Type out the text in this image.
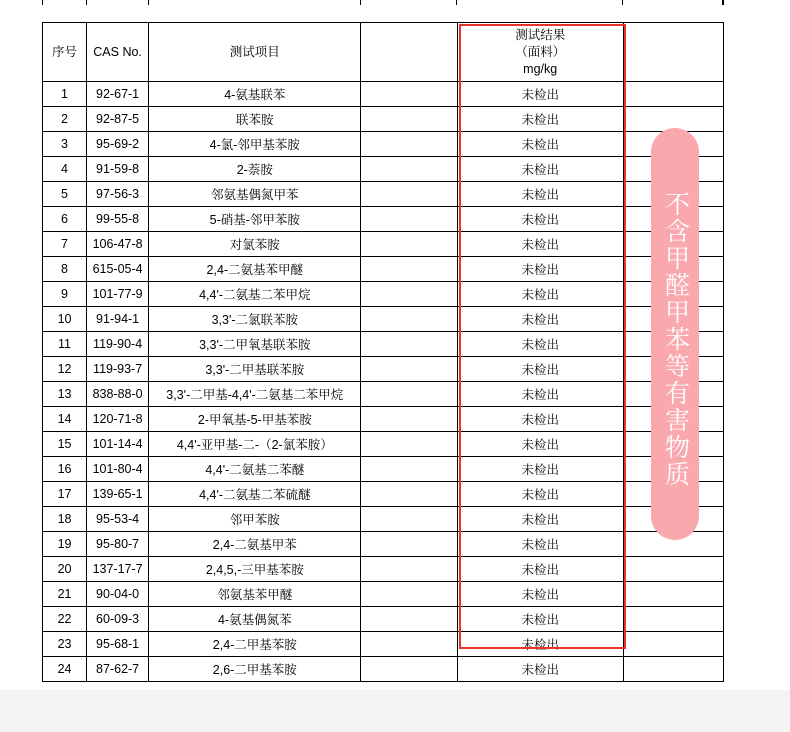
序号	CAS No.	测试项目		测试结果
（面料）
mg/kg	

1	92-67-1	4-氨基联苯		未检出	
2	92-87-5	联苯胺		未检出	
3	95-69-2	4-氯-邻甲基苯胺		未检出	
4	91-59-8	2-萘胺		未检出	
5	97-56-3	邻氨基偶氮甲苯		未检出	
6	99-55-8	5-硝基-邻甲苯胺		未检出	
7	106-47-8	对氯苯胺		未检出	
8	615-05-4	2,4-二氨基苯甲醚		未检出	
9	101-77-9	4,4'-二氨基二苯甲烷		未检出	
10	91-94-1	3,3'-二氯联苯胺		未检出	
11	119-90-4	3,3'-二甲氧基联苯胺		未检出	
12	119-93-7	3,3'-二甲基联苯胺		未检出	
13	838-88-0	3,3'-二甲基-4,4'-二氨基二苯甲烷		未检出	
14	120-71-8	2-甲氧基-5-甲基苯胺		未检出	
15	101-14-4	4,4'-亚甲基-二-（2-氯苯胺）		未检出	
16	101-80-4	4,4'-二氨基二苯醚		未检出	
17	139-65-1	4,4'-二氨基二苯硫醚		未检出	
18	95-53-4	邻甲苯胺		未检出	
19	95-80-7	2,4-二氨基甲苯		未检出	
20	137-17-7	2,4,5,-三甲基苯胺		未检出	
21	90-04-0	邻氨基苯甲醚		未检出	
22	60-09-3	4-氨基偶氮苯		未检出	
23	95-68-1	2,4-二甲基苯胺		未检出	
24	87-62-7	2,6-二甲基苯胺		未检出	
不含甲醛甲苯等有害物质
